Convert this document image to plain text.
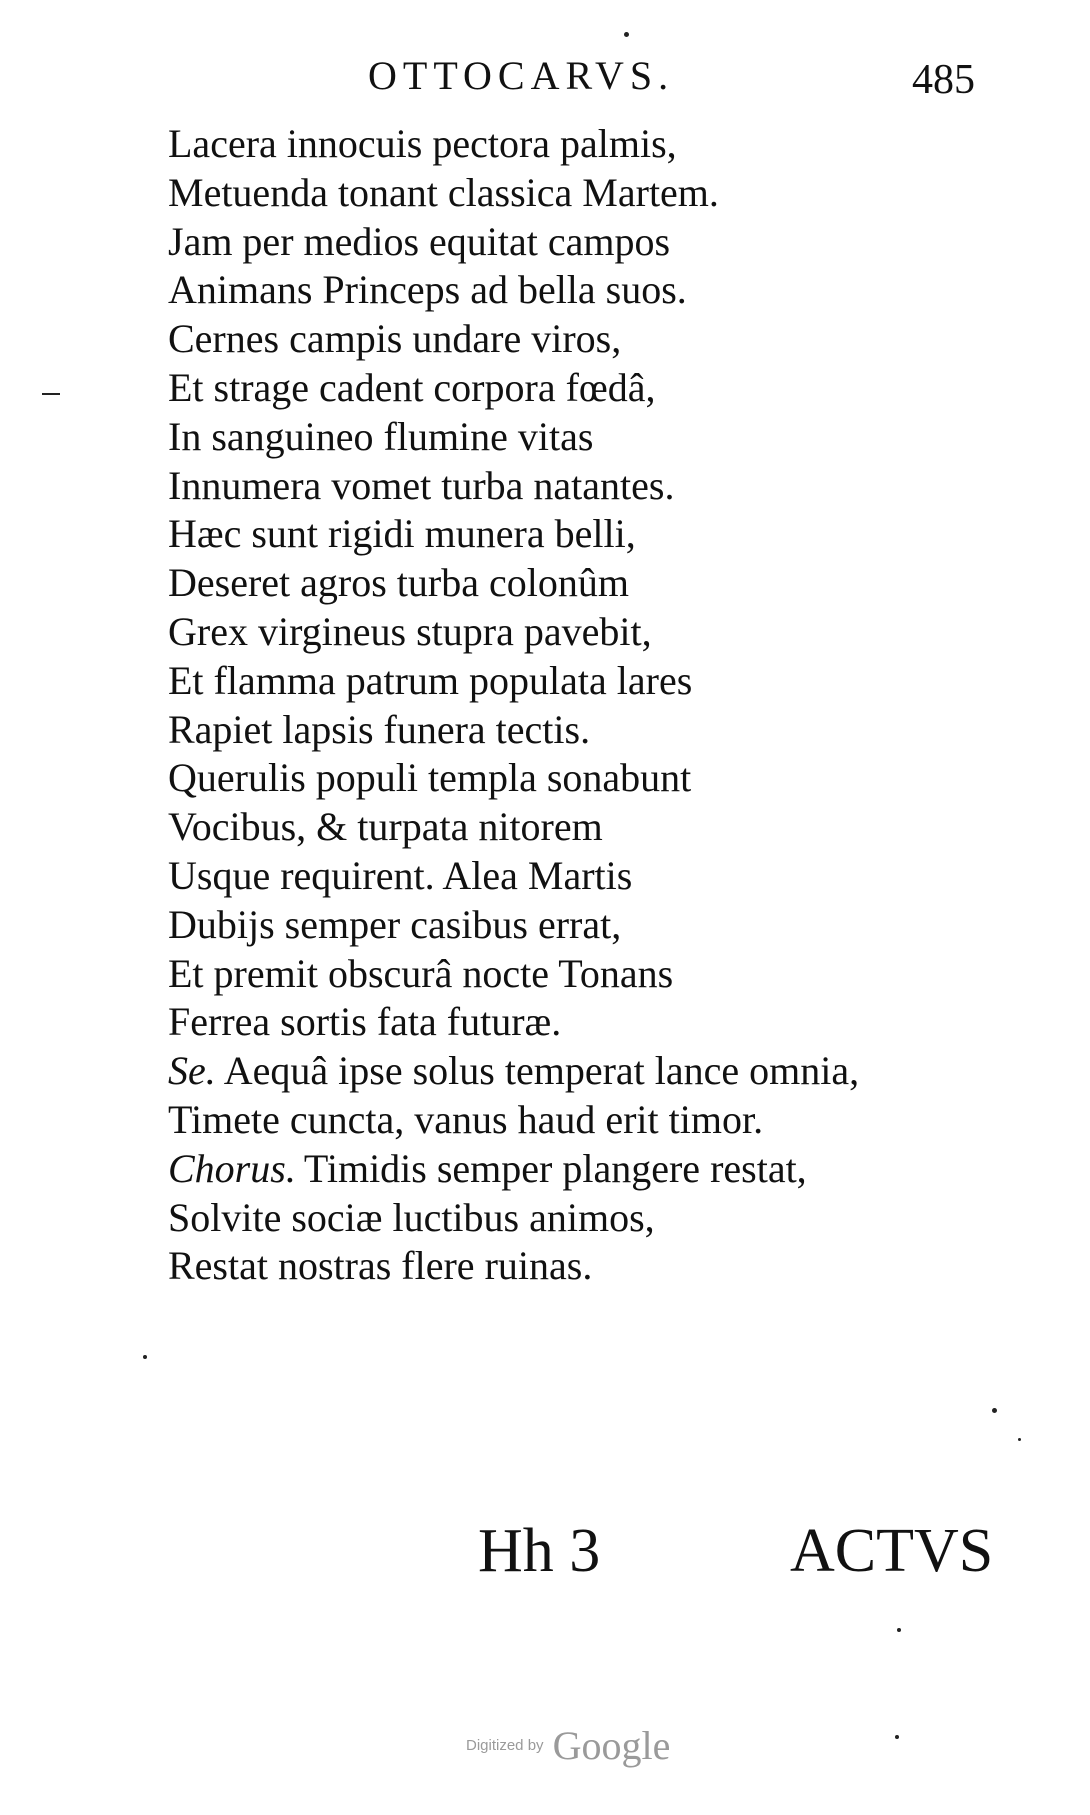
OTTOCARVS.	485
Lacera innocuis pectora palmis,
Metuenda tonant classica Martem.
Jam per medios equitat campos
Animans Princeps ad bella suos.
Cernes campis undare viros,
Et strage cadent corpora fœdâ,
In sanguineo flumine vitas
Innumera vomet turba natantes.
Hæc sunt rigidi munera belli,
Deseret agros turba colonûm
Grex virgineus stupra pavebit,
Et flamma patrum populata lares
Rapiet lapsis funera tectis.
Querulis populi templa sonabunt
Vocibus, & turpata nitorem
Usque requirent. Alea Martis
Dubijs semper casibus errat,
Et premit obscurâ nocte Tonans
Ferrea sortis fata futuræ.
Se. Aequâ ipse solus temperat lance omnia,
Timete cuncta, vanus haud erit timor.
Chorus. Timidis semper plangere restat,
Solvite sociæ luctibus animos,
Restat nostras flere ruinas.
Hh 3	ACTVS
Digitized by Google
